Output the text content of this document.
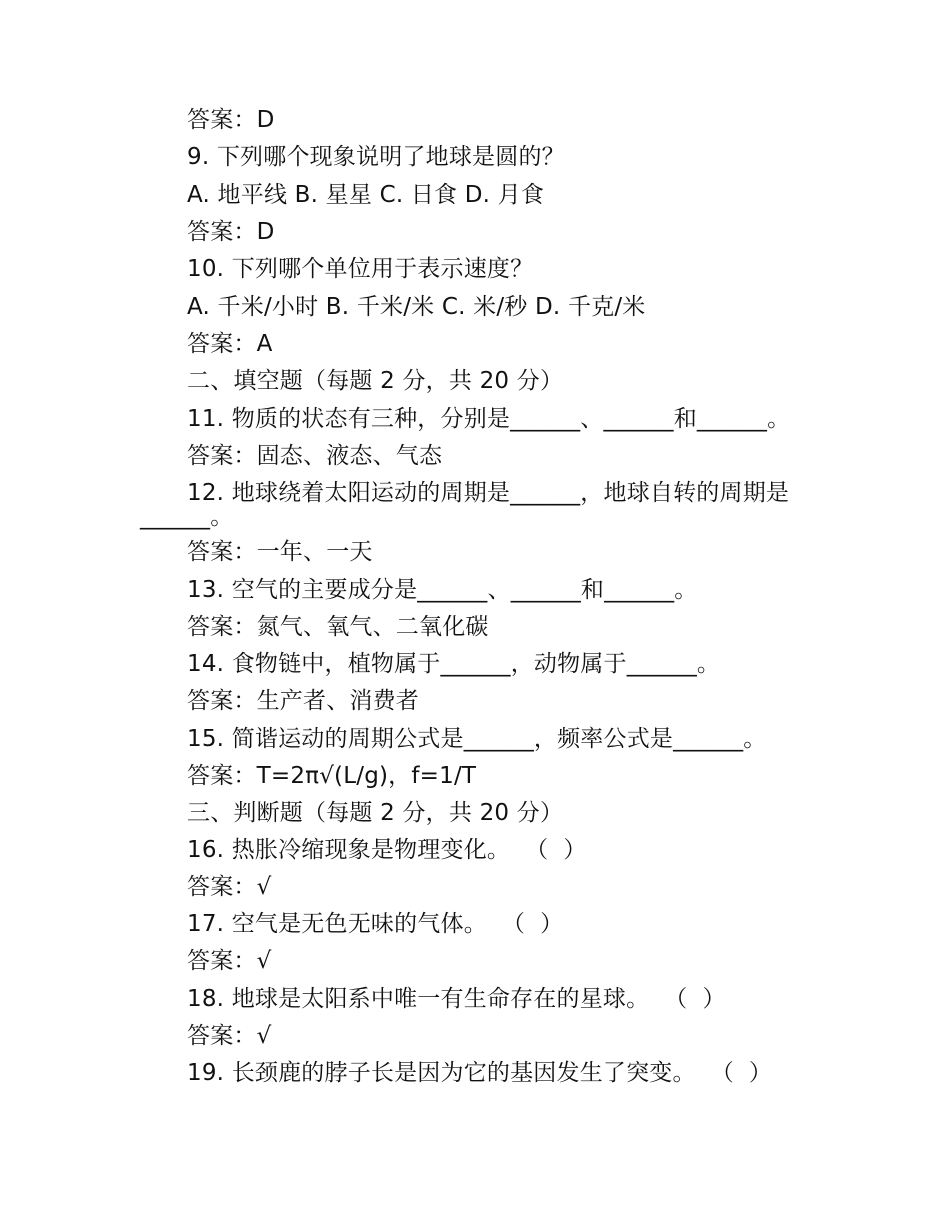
答案：D
9. 下列哪个现象说明了地球是圆的？
A. 地平线 B. 星星 C. 日食 D. 月食
答案：D
10. 下列哪个单位用于表示速度？
A. 千米/小时 B. 千米/米 C. 米/秒 D. 千克/米
答案：A
二、填空题（每题 2 分，共 20 分）
11. 物质的状态有三种，分别是______、______和______。
答案：固态、液态、气态
12. 地球绕着太阳运动的周期是______，地球自转的周期是______。
答案：一年、一天
13. 空气的主要成分是______、______和______。
答案：氮气、氧气、二氧化碳
14. 食物链中，植物属于______，动物属于______。
答案：生产者、消费者
15. 简谐运动的周期公式是______，频率公式是______。
答案：T=2π√(L/g)，f=1/T
三、判断题（每题 2 分，共 20 分）
16. 热胀冷缩现象是物理变化。  （  ）
答案：√
17. 空气是无色无味的气体。  （  ）
答案：√
18. 地球是太阳系中唯一有生命存在的星球。  （  ）
答案：√
19. 长颈鹿的脖子长是因为它的基因发生了突变。  （  ）
